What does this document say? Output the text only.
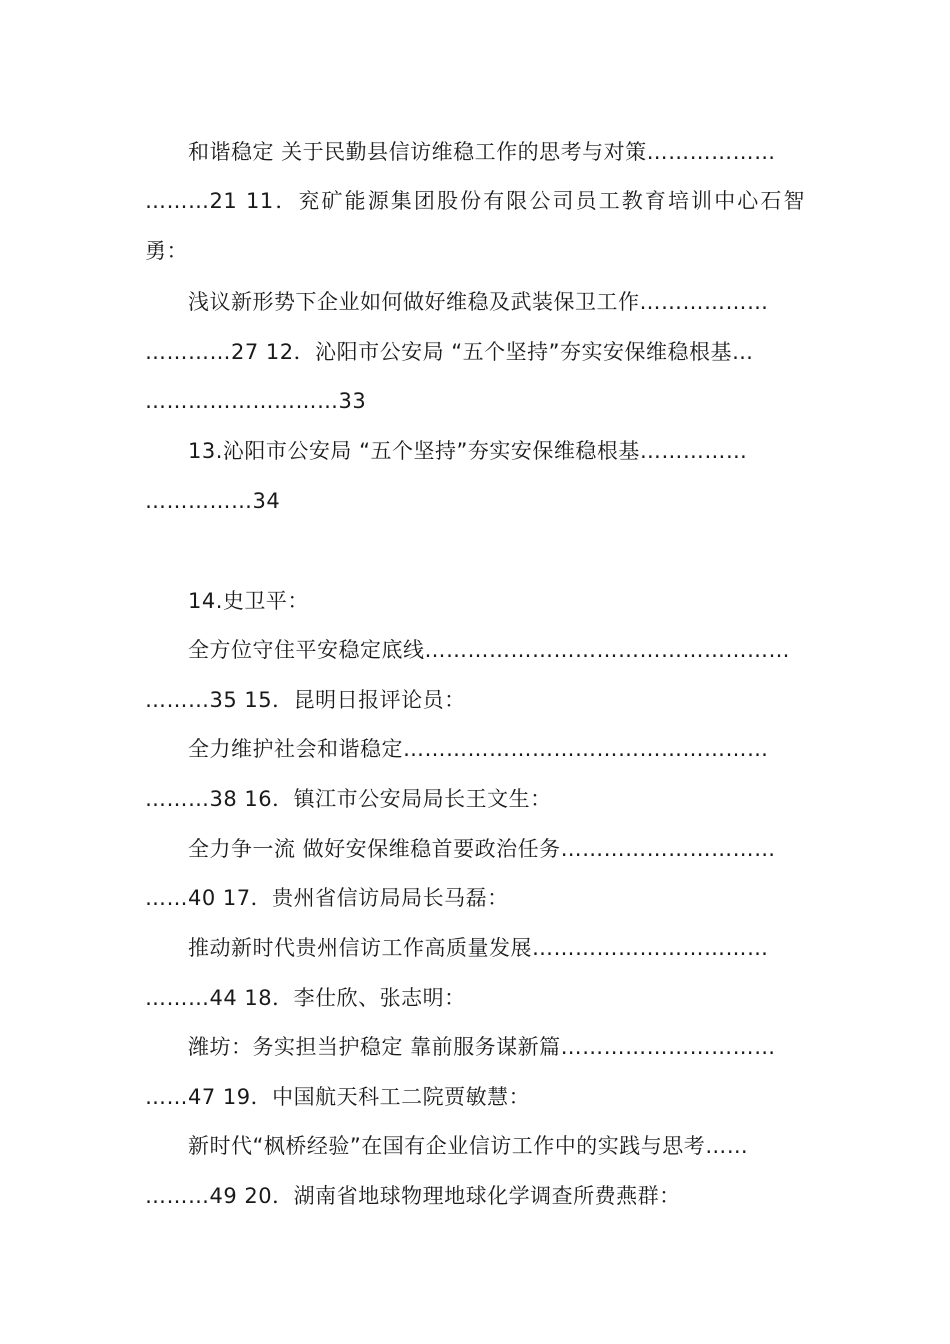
和谐稳定 关于民勤县信访维稳工作的思考与对策………………
………21 11．兖矿能源集团股份有限公司员工教育培训中心石智
勇：
浅议新形势下企业如何做好维稳及武装保卫工作………………
…………27 12．沁阳市公安局 “五个坚持”夯实安保维稳根基…
………………………33
13.沁阳市公安局 “五个坚持”夯实安保维稳根基……………
……………34
14.史卫平：
全方位守住平安稳定底线……………………………………………
………35 15．昆明日报评论员：
全力维护社会和谐稳定……………………………………………
………38 16．镇江市公安局局长王文生：
全力争一流 做好安保维稳首要政治任务…………………………
……40 17．贵州省信访局局长马磊：
推动新时代贵州信访工作高质量发展……………………………
………44 18．李仕欣、张志明：
潍坊：务实担当护稳定 靠前服务谋新篇…………………………
……47 19．中国航天科工二院贾敏慧：
新时代“枫桥经验”在国有企业信访工作中的实践与思考……
………49 20．湖南省地球物理地球化学调查所费燕群：
